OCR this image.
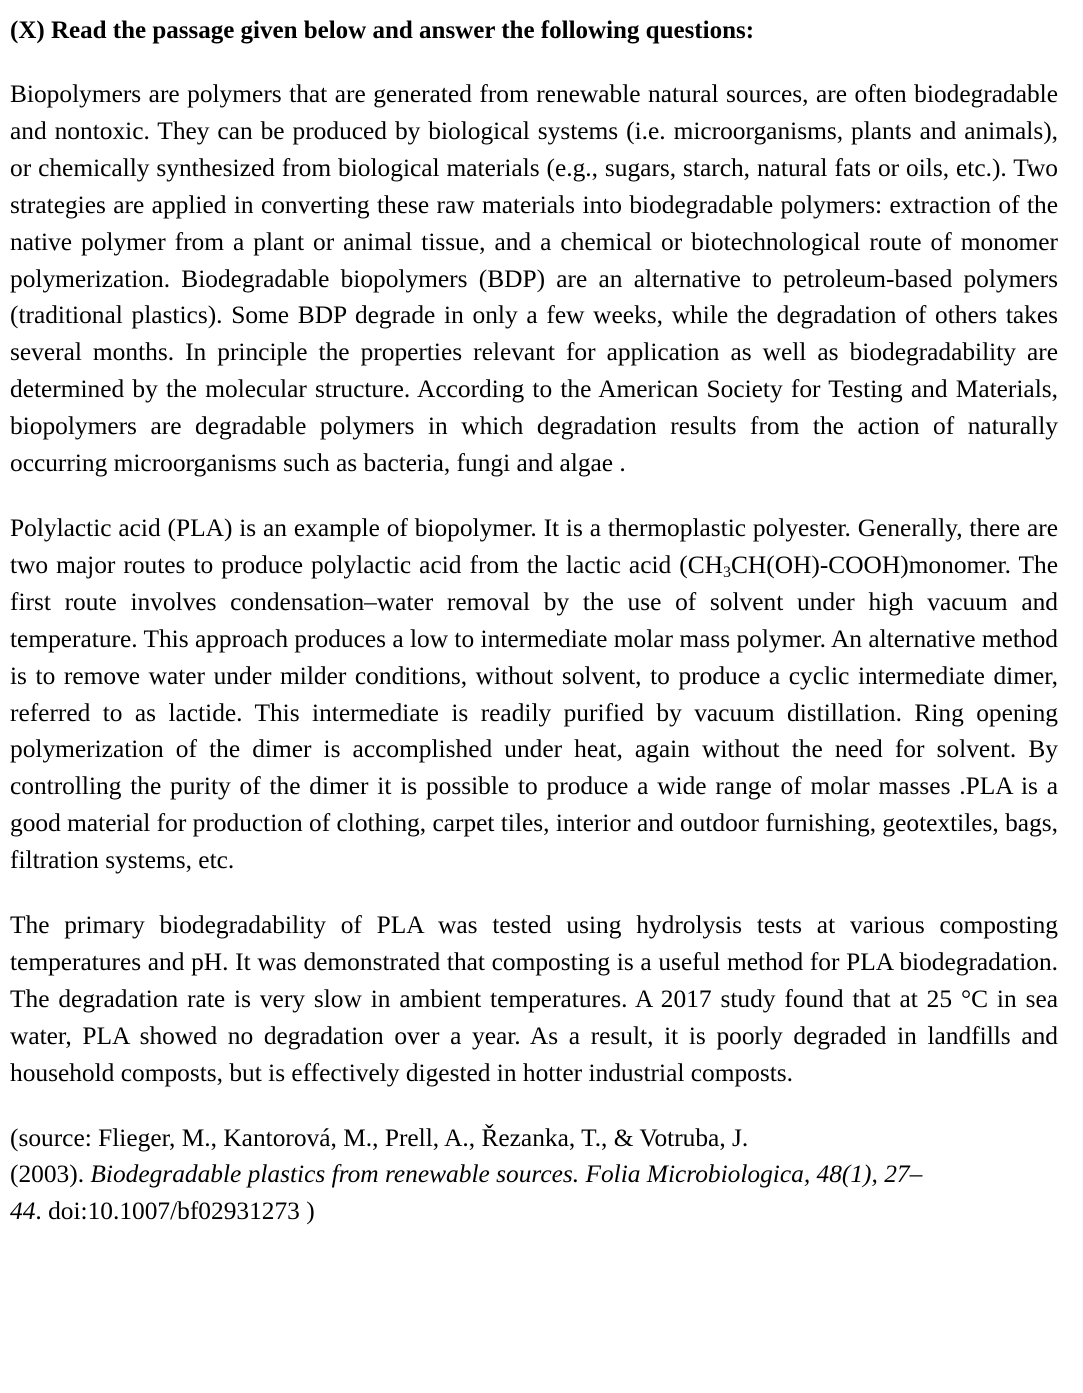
(X) Read the passage given below and answer the following questions:

Biopolymers are polymers that are generated from renewable natural sources, are often biodegradable and nontoxic. They can be produced by biological systems (i.e. microorganisms, plants and animals), or chemically synthesized from biological materials (e.g., sugars, starch, natural fats or oils, etc.). Two strategies are applied in converting these raw materials into biodegradable polymers: extraction of the native polymer from a plant or animal tissue, and a chemical or biotechnological route of monomer polymerization. Biodegradable biopolymers (BDP) are an alternative to petroleum-based polymers (traditional plastics). Some BDP degrade in only a few weeks, while the degradation of others takes several months. In principle the properties relevant for application as well as biodegradability are determined by the molecular structure. According to the American Society for Testing and Materials, biopolymers are degradable polymers in which degradation results from the action of naturally occurring microorganisms such as bacteria, fungi and algae .

Polylactic acid (PLA) is an example of biopolymer. It is a thermoplastic polyester. Generally, there are two major routes to produce polylactic acid from the lactic acid $(CH_3CH(OH)-COOH)monomer$. The first route involves condensation–water removal by the use of solvent under high vacuum and temperature. This approach produces a low to intermediate molar mass polymer. An alternative method is to remove water under milder conditions, without solvent, to produce a cyclic intermediate dimer, referred to as lactide. This intermediate is readily purified by vacuum distillation. Ring opening polymerization of the dimer is accomplished under heat, again without the need for solvent. By controlling the purity of the dimer it is possible to produce a wide range of molar masses .PLA is a good material for production of clothing, carpet tiles, interior and outdoor furnishing, geotextiles, bags, filtration systems, etc.

The primary biodegradability of PLA was tested using hydrolysis tests at various composting temperatures and pH. It was demonstrated that composting is a useful method for PLA biodegradation. The degradation rate is very slow in ambient temperatures. A 2017 study found that at 25 °C in sea water, PLA showed no degradation over a year. As a result, it is poorly degraded in landfills and household composts, but is effectively digested in hotter industrial composts.

(source: Flieger, M., Kantorová, M., Prell, A., Řezanka, T., & Votruba, J.
(2003). Biodegradable plastics from renewable sources. Folia Microbiologica, 48(1), 27–
44. doi:10.1007/bf02931273 )
